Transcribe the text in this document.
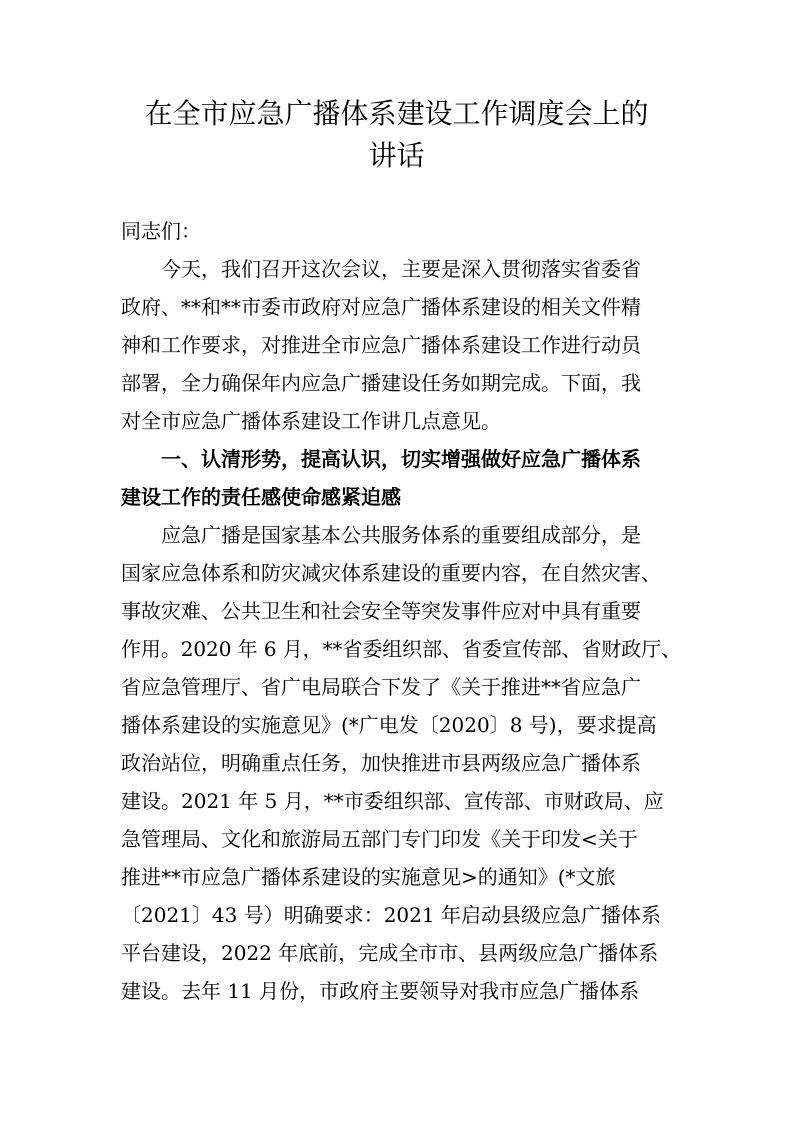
在全市应急广播体系建设工作调度会上的
讲话
同志们：
今天，我们召开这次会议，主要是深入贯彻落实省委省
政府、**和**市委市政府对应急广播体系建设的相关文件精
神和工作要求，对推进全市应急广播体系建设工作进行动员
部署，全力确保年内应急广播建设任务如期完成。下面，我
对全市应急广播体系建设工作讲几点意见。
一、认清形势，提高认识，切实增强做好应急广播体系
建设工作的责任感使命感紧迫感
应急广播是国家基本公共服务体系的重要组成部分，是
国家应急体系和防灾减灾体系建设的重要内容，在自然灾害、
事故灾难、公共卫生和社会安全等突发事件应对中具有重要
作用。2020 年 6 月，**省委组织部、省委宣传部、省财政厅、
省应急管理厅、省广电局联合下发了《关于推进**省应急广
播体系建设的实施意见》(*广电发〔2020〕8 号)，要求提高
政治站位，明确重点任务，加快推进市县两级应急广播体系
建设。2021 年 5 月，**市委组织部、宣传部、市财政局、应
急管理局、文化和旅游局五部门专门印发《关于印发<关于
推进**市应急广播体系建设的实施意见>的通知》(*文旅
〔2021〕43 号）明确要求：2021 年启动县级应急广播体系
平台建设，2022 年底前，完成全市市、县两级应急广播体系
建设。去年 11 月份，市政府主要领导对我市应急广播体系
